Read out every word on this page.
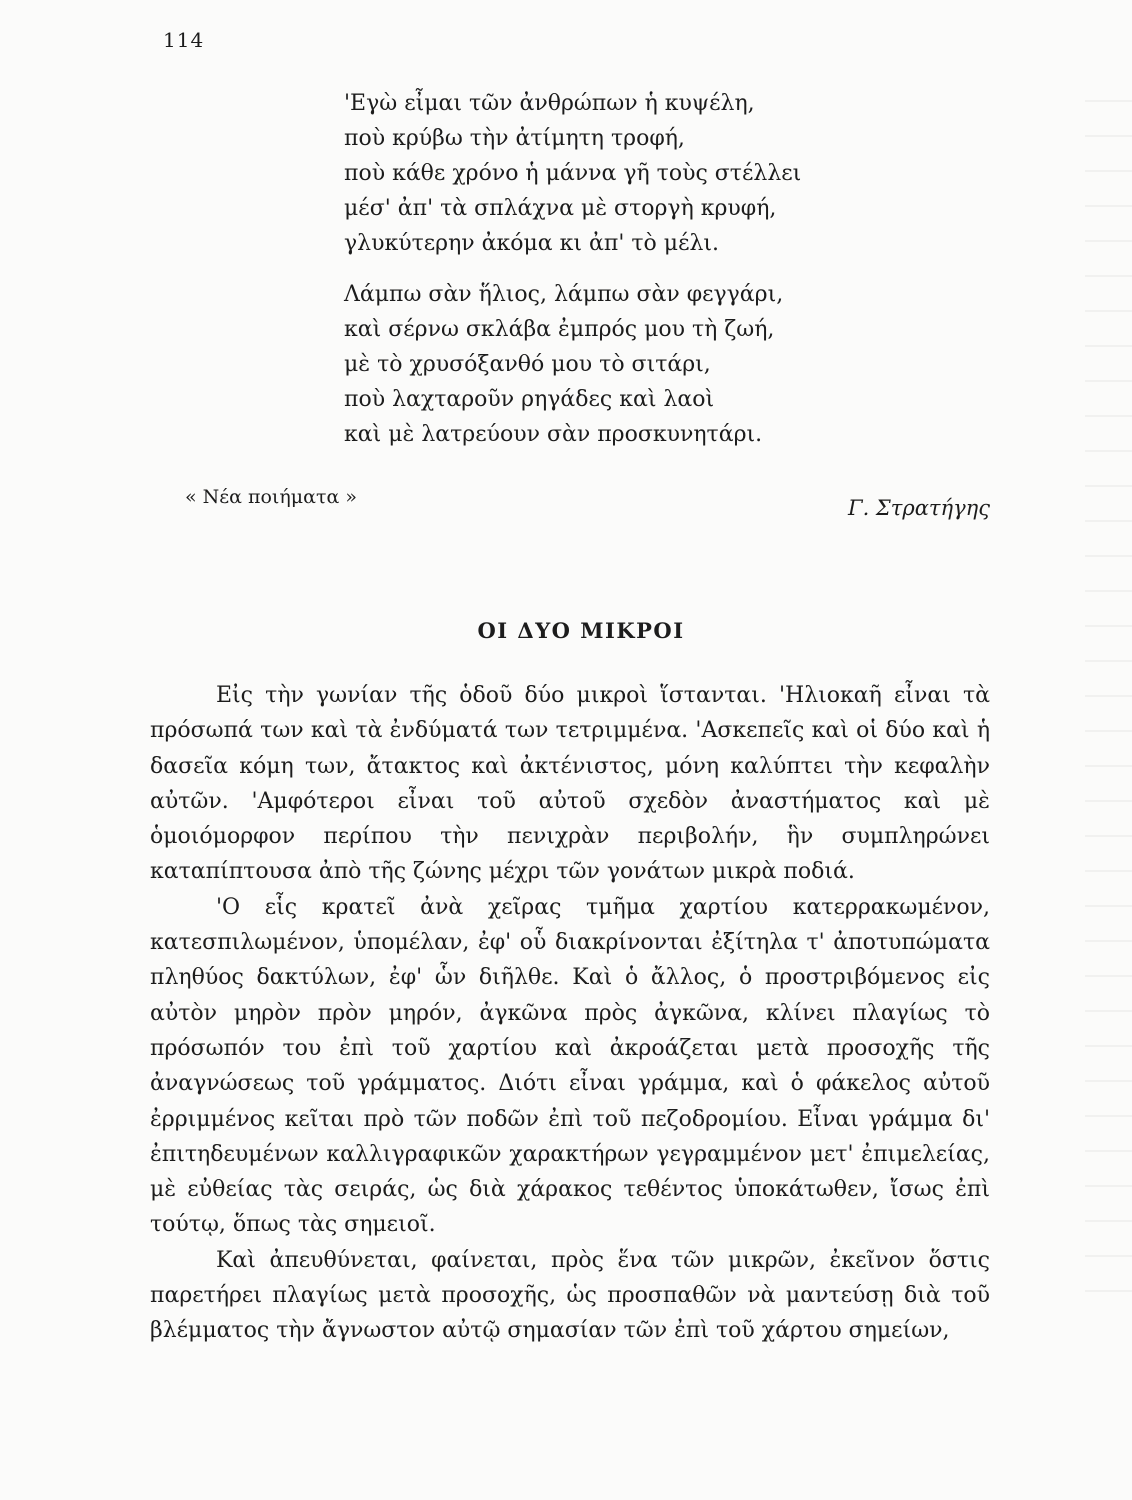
114
'Εγὼ εἶμαι τῶν ἀνθρώπων ἡ κυψέλη,
ποὺ κρύβω τὴν ἀτίμητη τροφή,
ποὺ κάθε χρόνο ἡ μάννα γῆ τοὺς στέλλει
μέσ' ἀπ' τὰ σπλάχνα μὲ στοργὴ κρυφή,
γλυκύτερην ἀκόμα κι ἀπ' τὸ μέλι.
Λάμπω σὰν ἥλιος, λάμπω σὰν φεγγάρι,
καὶ σέρνω σκλάβα ἐμπρός μου τὴ ζωή,
μὲ τὸ χρυσόξανθό μου τὸ σιτάρι,
ποὺ λαχταροῦν ρηγάδες καὶ λαοὶ
καὶ μὲ λατρεύουν σὰν προσκυνητάρι.
« Νέα ποιήματα »	Γ. Στρατήγης
ΟΙ ΔΥΟ ΜΙΚΡΟΙ

Εἰς τὴν γωνίαν τῆς ὁδοῦ δύο μικροὶ ἵστανται. 'Ηλιοκαῆ εἶναι τὰ πρόσωπά των καὶ τὰ ἐνδύματά των τετριμμένα. 'Ασκεπεῖς καὶ οἱ δύο καὶ ἡ δασεῖα κόμη των, ἄτακτος καὶ ἀκτένιστος, μόνη καλύπτει τὴν κεφαλὴν αὐτῶν. 'Αμφότεροι εἶναι τοῦ αὐτοῦ σχεδὸν ἀναστήματος καὶ μὲ ὁμοιόμορφον περίπου τὴν πενιχρὰν περιβολήν, ἣν συμπληρώνει καταπίπτουσα ἀπὸ τῆς ζώνης μέχρι τῶν γονάτων μικρὰ ποδιά.

'Ο εἷς κρατεῖ ἀνὰ χεῖρας τμῆμα χαρτίου κατερρακωμένον, κατεσπιλωμένον, ὑπομέλαν, ἐφ' οὗ διακρίνονται ἐξίτηλα τ' ἀποτυπώματα πληθύος δακτύλων, ἐφ' ὧν διῆλθε. Καὶ ὁ ἄλλος, ὁ προστριβόμενος εἰς αὐτὸν μηρὸν πρὸν μηρόν, ἀγκῶνα πρὸς ἀγκῶνα, κλίνει πλαγίως τὸ πρόσωπόν του ἐπὶ τοῦ χαρτίου καὶ ἀκροάζεται μετὰ προσοχῆς τῆς ἀναγνώσεως τοῦ γράμματος. Διότι εἶναι γράμμα, καὶ ὁ φάκελος αὐτοῦ ἐρριμμένος κεῖται πρὸ τῶν ποδῶν ἐπὶ τοῦ πεζοδρομίου. Εἶναι γράμμα δι' ἐπιτηδευμένων καλλιγραφικῶν χαρακτήρων γεγραμμένον μετ' ἐπιμελείας, μὲ εὐθείας τὰς σειράς, ὡς διὰ χάρακος τεθέντος ὑποκάτωθεν, ἴσως ἐπὶ τούτῳ, ὅπως τὰς σημειοῖ.

Καὶ ἀπευθύνεται, φαίνεται, πρὸς ἕνα τῶν μικρῶν, ἐκεῖνον ὅστις παρετήρει πλαγίως μετὰ προσοχῆς, ὡς προσπαθῶν νὰ μαντεύσῃ διὰ τοῦ βλέμματος τὴν ἄγνωστον αὐτῷ σημασίαν τῶν ἐπὶ τοῦ χάρτου σημείων,
